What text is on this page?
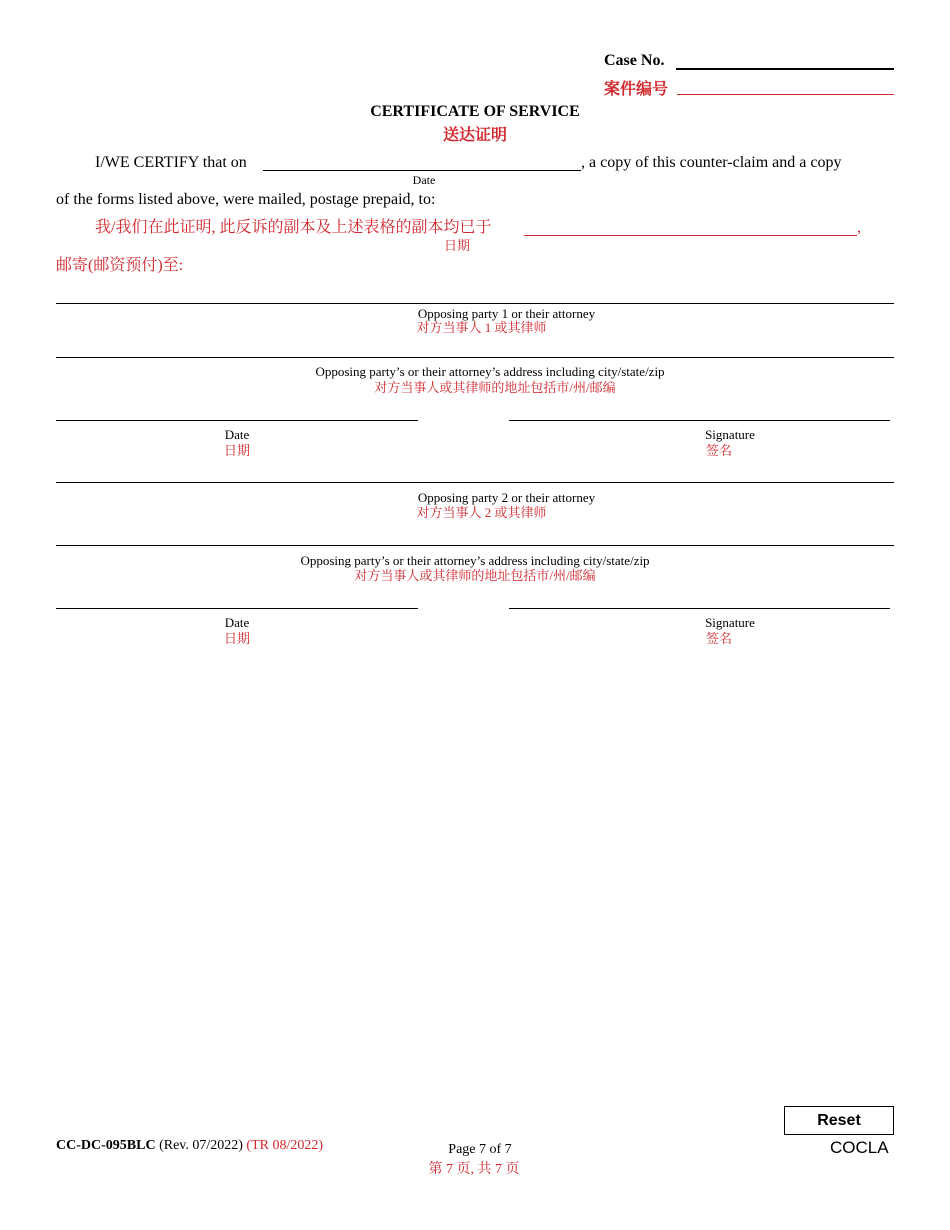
Case No.
案件编号
CERTIFICATE OF SERVICE
送达证明
I/WE CERTIFY that on	, a copy of this counter-claim and a copy
Date
of the forms listed above, were mailed, postage prepaid, to:
我/我们在此证明, 此反诉的副本及上述表格的副本均已于	,
日期
邮寄(邮资预付)至:
Opposing party 1 or their attorney
对方当事人 1 或其律师
Opposing party’s or their attorney’s address including city/state/zip
对方当事人或其律师的地址包括市/州/邮编
Date
日期
Signature
签名
Opposing party 2 or their attorney
对方当事人 2 或其律师
Opposing party’s or their attorney’s address including city/state/zip
对方当事人或其律师的地址包括市/州/邮编
Date
日期
Signature
签名
CC-DC-095BLC (Rev. 07/2022) (TR 08/2022)	Page 7 of 7
第 7 页, 共 7 页
Reset
COCLA
